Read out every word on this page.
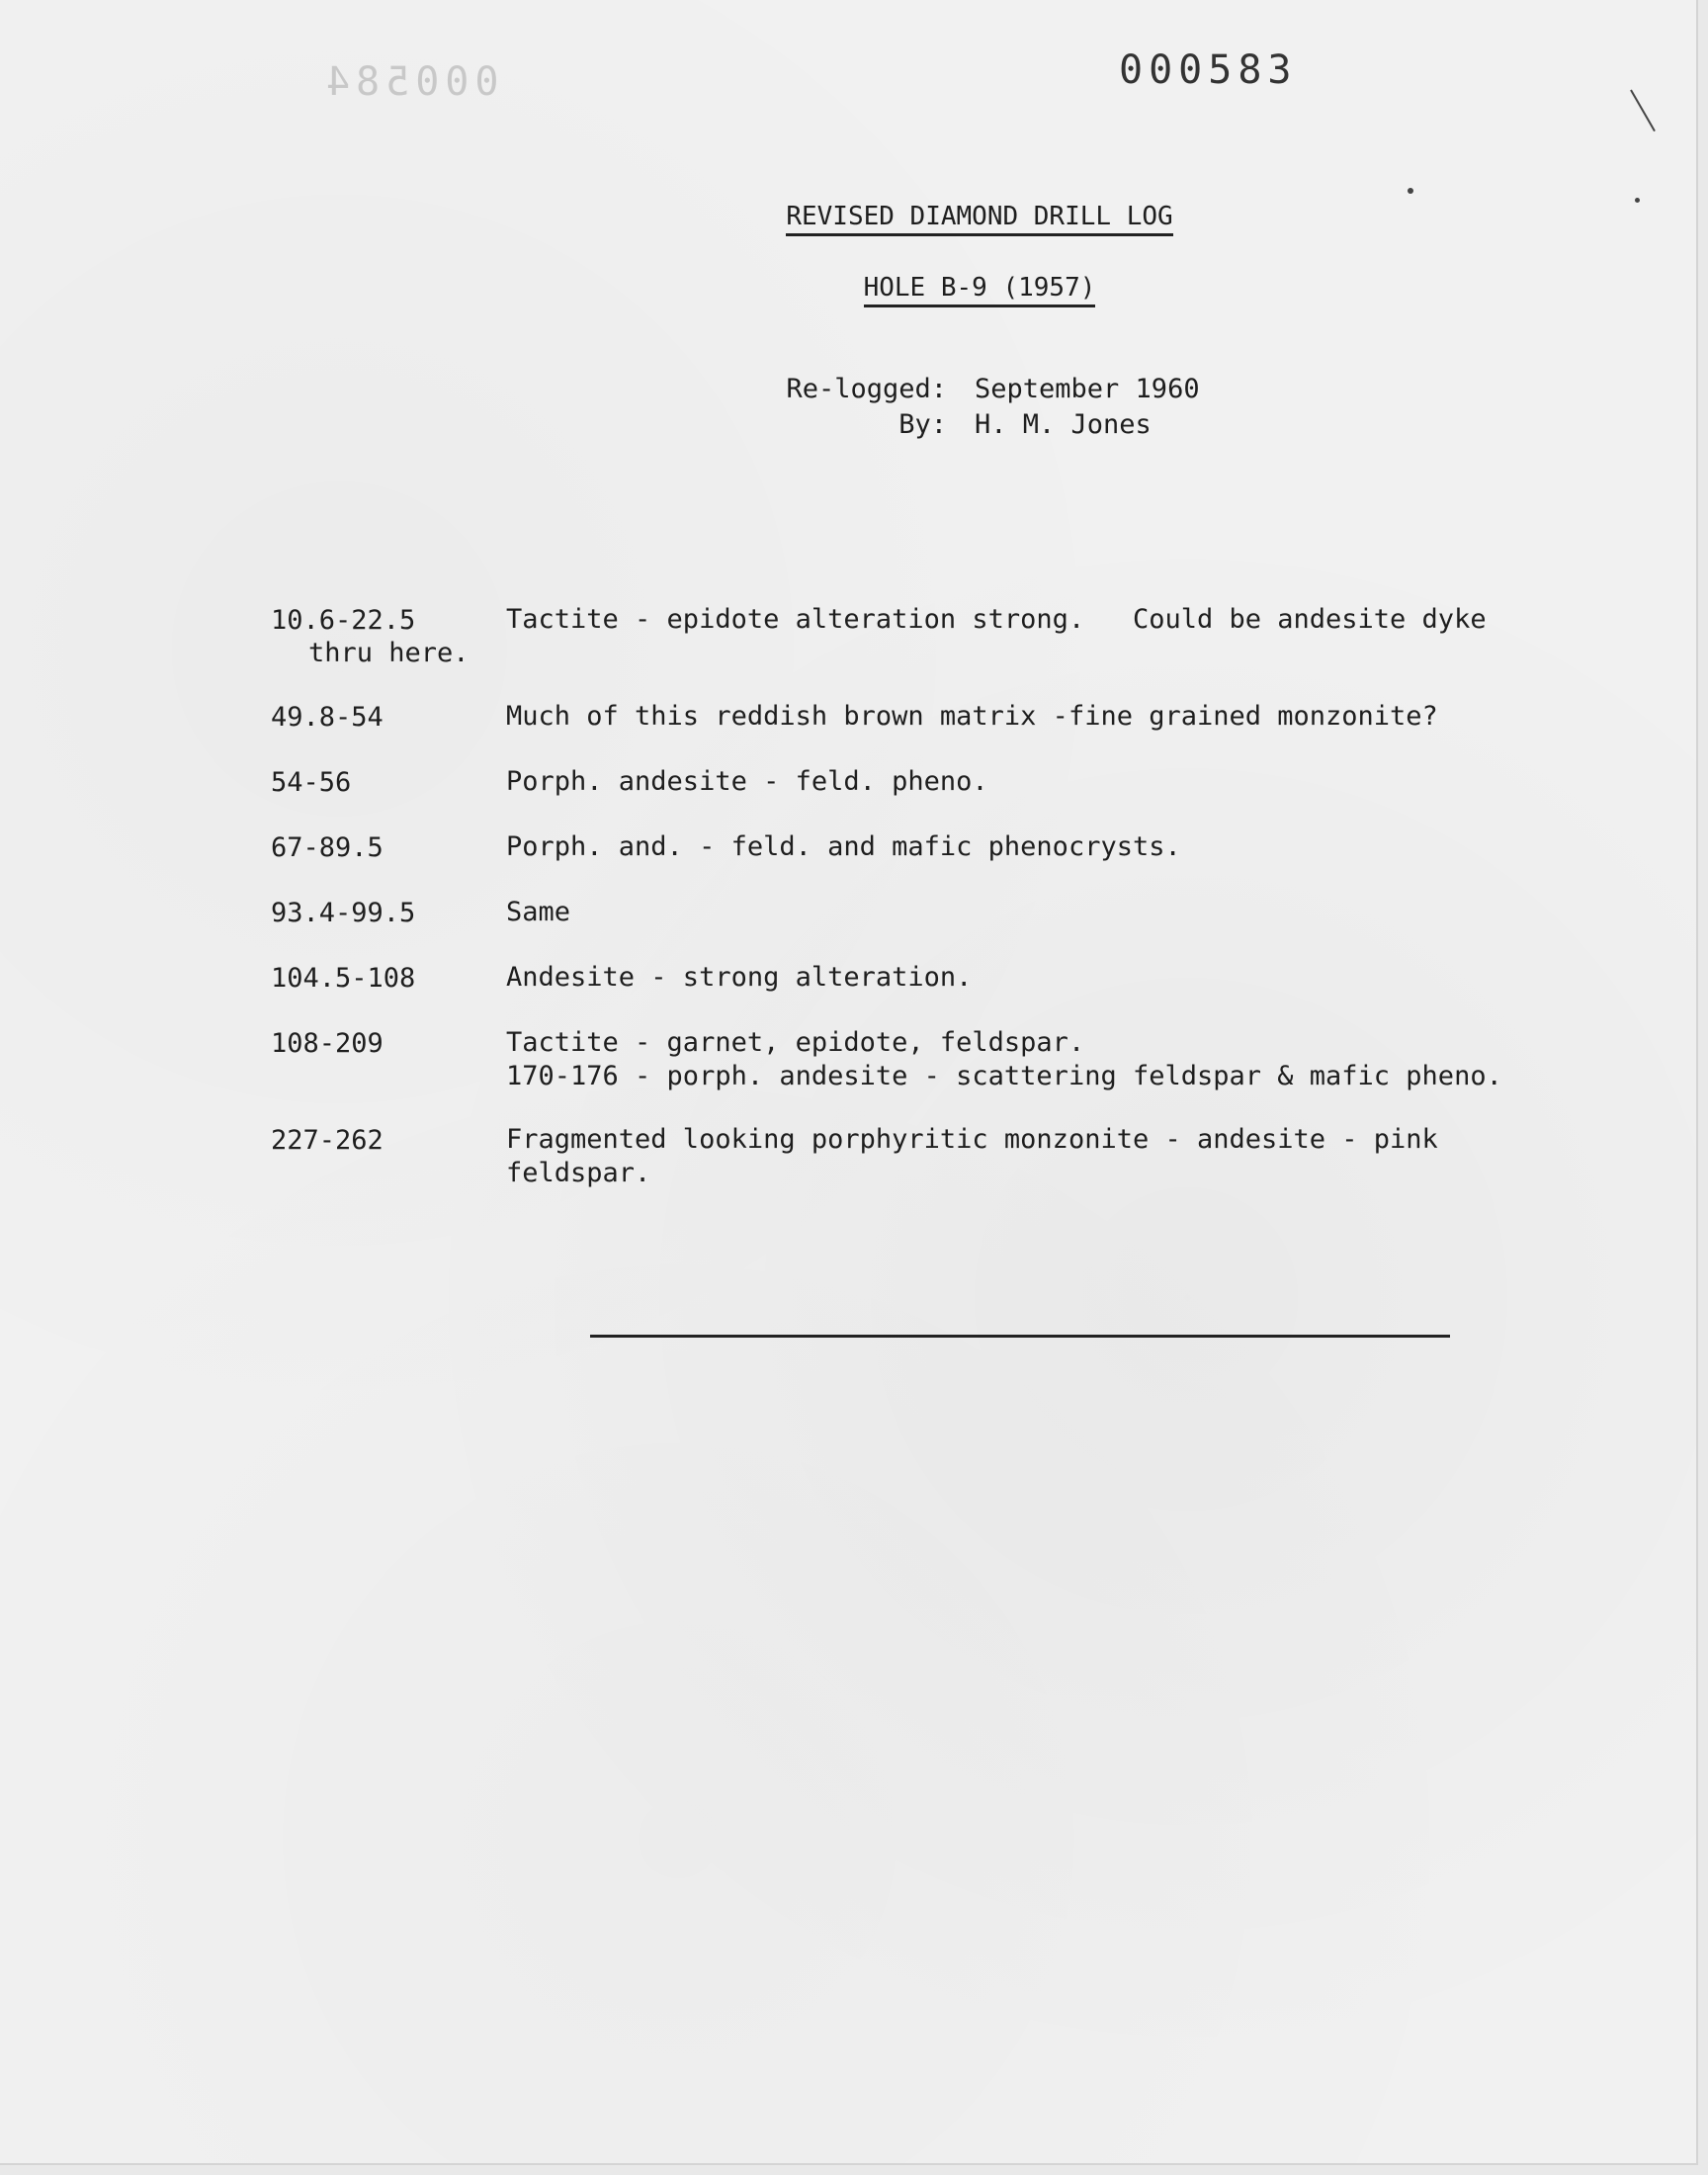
000584	000583
REVISED DIAMOND DRILL LOG
HOLE B-9 (1957)
Re-logged: September 1960
By: H. M. Jones
10.6-22.5	Tactite - epidote alteration strong.   Could be andesite dyke
thru here.
49.8-54	Much of this reddish brown matrix -fine grained monzonite?
54-56	Porph. andesite - feld. pheno.
67-89.5	Porph. and. - feld. and mafic phenocrysts.
93.4-99.5	Same
104.5-108	Andesite - strong alteration.
108-209	Tactite - garnet, epidote, feldspar.
170-176 - porph. andesite - scattering feldspar & mafic pheno.
227-262	Fragmented looking porphyritic monzonite - andesite - pink
feldspar.
